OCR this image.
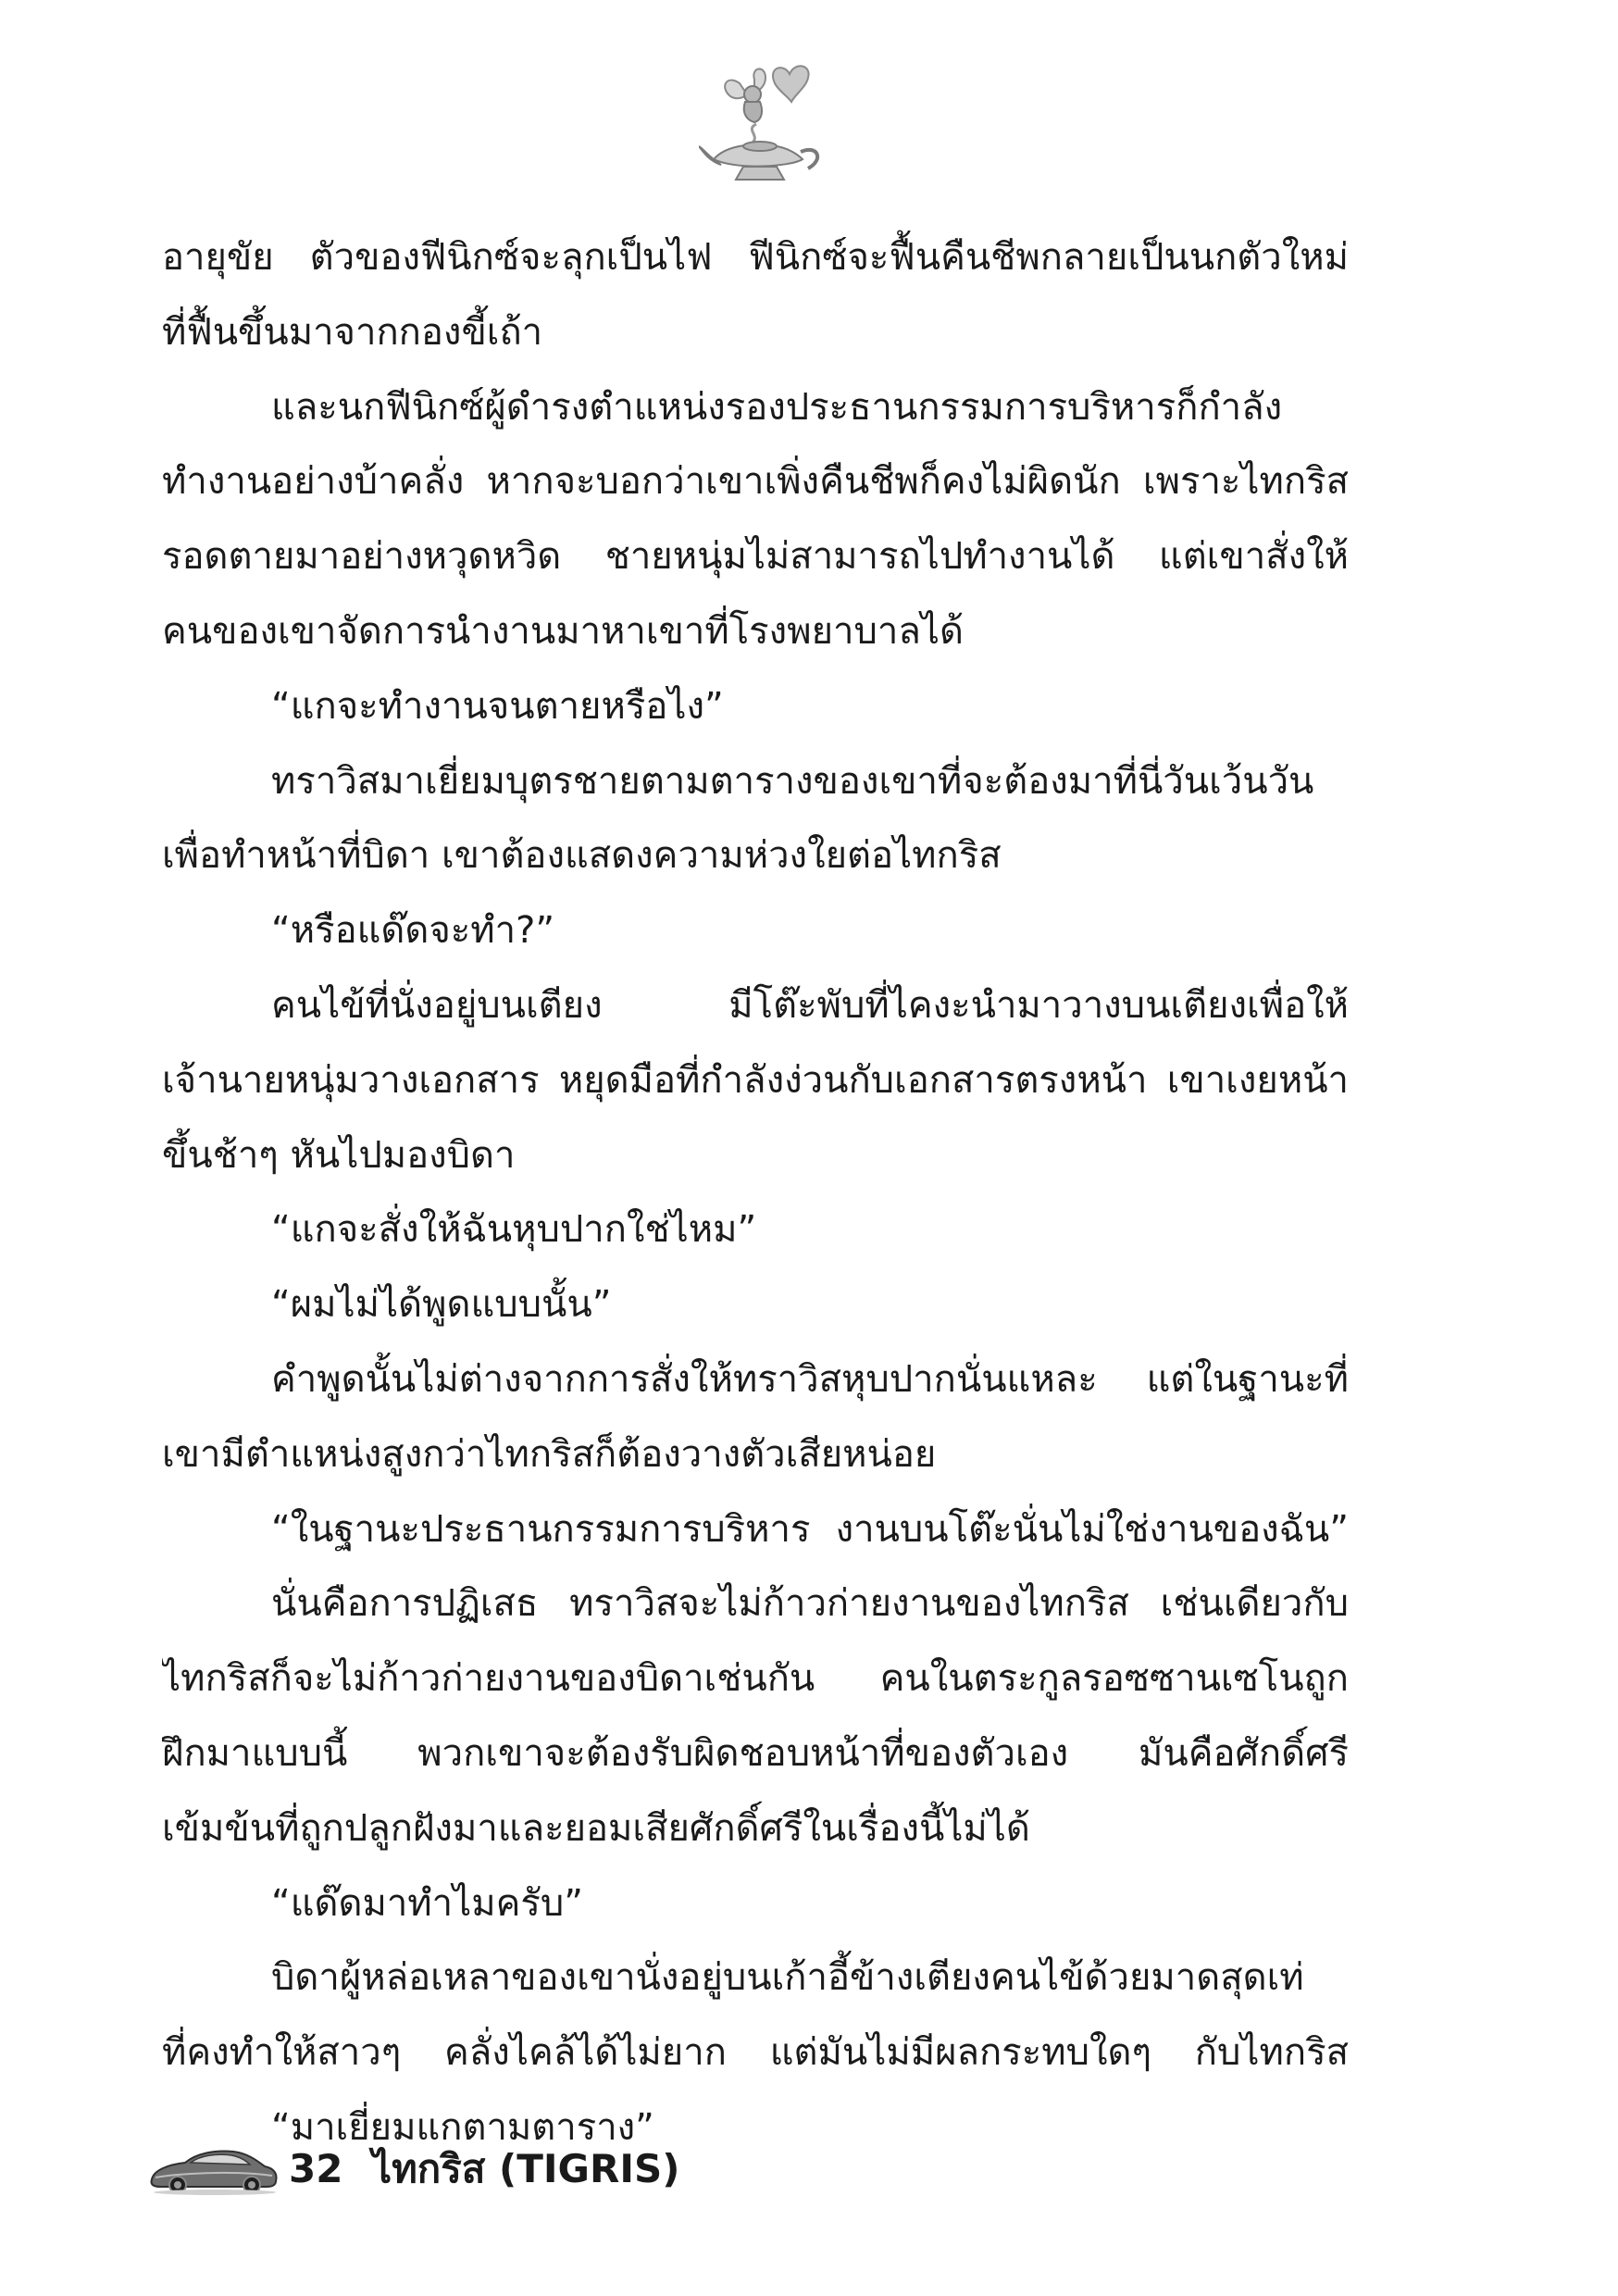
อายุขัย ตัวของฟีนิกซ์จะลุกเป็นไฟ ฟีนิกซ์จะฟื้นคืนชีพกลายเป็นนกตัวใหม่
ที่ฟื้นขึ้นมาจากกองขี้เถ้า
และนกฟีนิกซ์ผู้ดำรงตำแหน่งรองประธานกรรมการบริหารก็กำลัง
ทำงานอย่างบ้าคลั่ง หากจะบอกว่าเขาเพิ่งคืนชีพก็คงไม่ผิดนัก เพราะไทกริส
รอดตายมาอย่างหวุดหวิด ชายหนุ่มไม่สามารถไปทำงานได้ แต่เขาสั่งให้
คนของเขาจัดการนำงานมาหาเขาที่โรงพยาบาลได้
“แกจะทำงานจนตายหรือไง”
ทราวิสมาเยี่ยมบุตรชายตามตารางของเขาที่จะต้องมาที่นี่วันเว้นวัน
เพื่อทำหน้าที่บิดา เขาต้องแสดงความห่วงใยต่อไทกริส
“หรือแด๊ดจะทำ?”
คนไข้ที่นั่งอยู่บนเตียง มีโต๊ะพับที่ไคงะนำมาวางบนเตียงเพื่อให้
เจ้านายหนุ่มวางเอกสาร หยุดมือที่กำลังง่วนกับเอกสารตรงหน้า เขาเงยหน้า
ขึ้นช้าๆ หันไปมองบิดา
“แกจะสั่งให้ฉันหุบปากใช่ไหม”
“ผมไม่ได้พูดแบบนั้น”
คำพูดนั้นไม่ต่างจากการสั่งให้ทราวิสหุบปากนั่นแหละ แต่ในฐานะที่
เขามีตำแหน่งสูงกว่าไทกริสก็ต้องวางตัวเสียหน่อย
“ในฐานะประธานกรรมการบริหาร งานบนโต๊ะนั่นไม่ใช่งานของฉัน”
นั่นคือการปฏิเสธ ทราวิสจะไม่ก้าวก่ายงานของไทกริส เช่นเดียวกับ
ไทกริสก็จะไม่ก้าวก่ายงานของบิดาเช่นกัน คนในตระกูลรอซซานเซโนถูก
ฝึกมาแบบนี้ พวกเขาจะต้องรับผิดชอบหน้าที่ของตัวเอง มันคือศักดิ์ศรี
เข้มข้นที่ถูกปลูกฝังมาและยอมเสียศักดิ์ศรีในเรื่องนี้ไม่ได้
“แด๊ดมาทำไมครับ”
บิดาผู้หล่อเหลาของเขานั่งอยู่บนเก้าอี้ข้างเตียงคนไข้ด้วยมาดสุดเท่
ที่คงทำให้สาวๆ คลั่งไคล้ได้ไม่ยาก แต่มันไม่มีผลกระทบใดๆ กับไทกริส
“มาเยี่ยมแกตามตาราง”
32 ไทกริส (TIGRIS)
